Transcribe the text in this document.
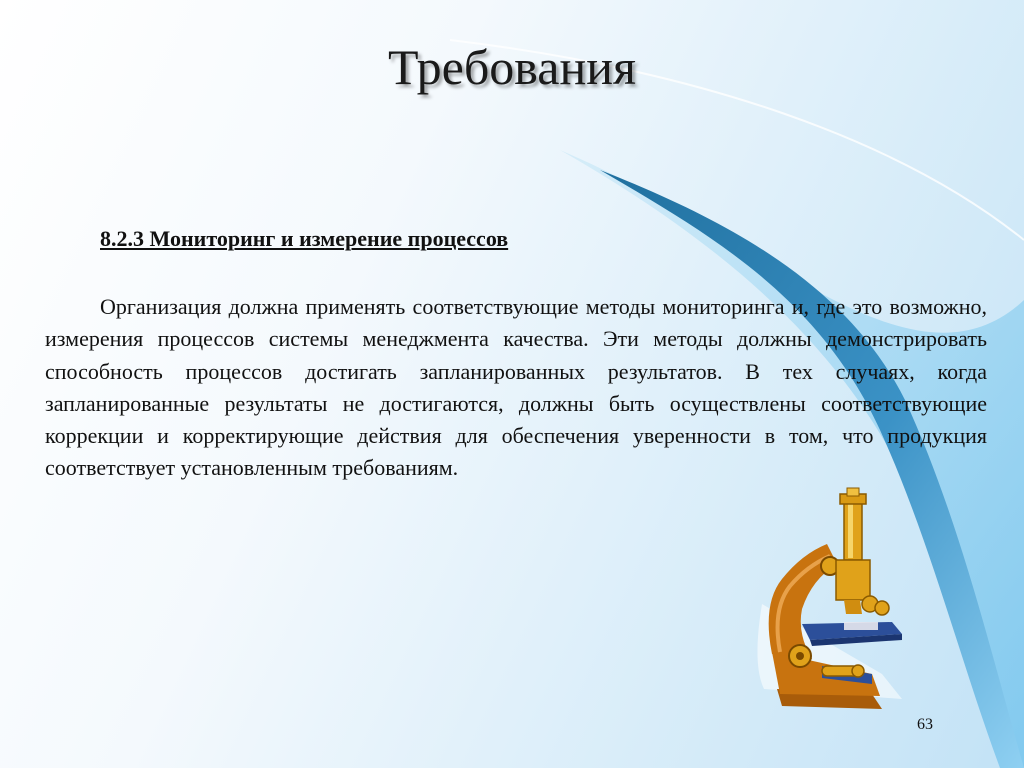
Требования

8.2.3 Мониторинг и измерение процессов

Организация должна применять соответствующие методы мониторинга и, где это возможно, измерения процессов системы менеджмента качества. Эти методы должны демонстрировать способность процессов достигать запланированных результатов. В тех случаях, когда запланированные результаты не достигаются, должны быть осуществлены соответствующие коррекции и корректирующие действия для обеспечения уверенности в том, что продукция соответствует установленным требованиям.

63
